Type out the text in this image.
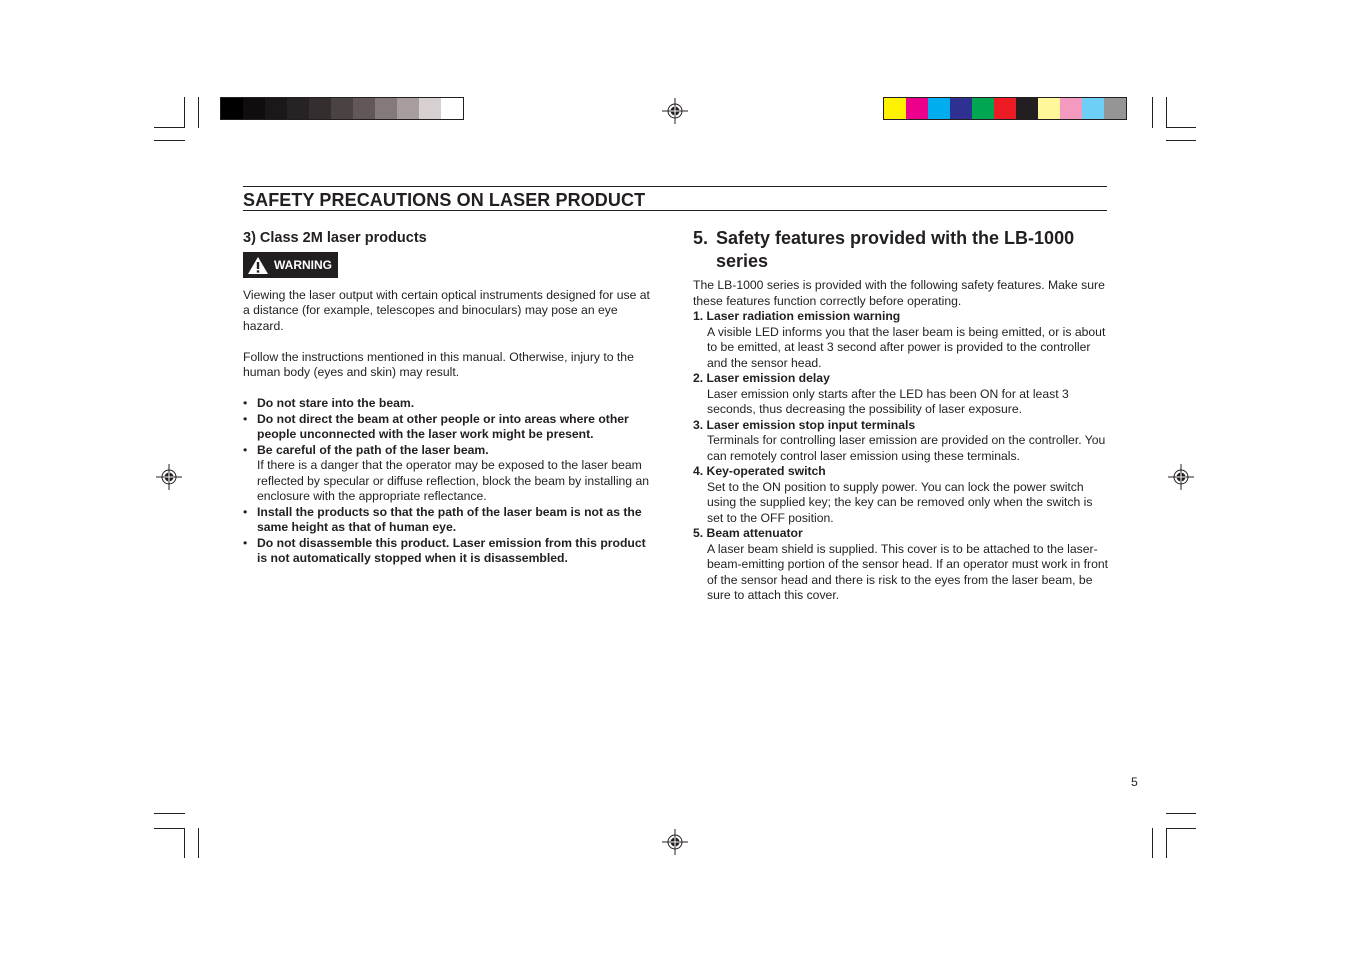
SAFETY PRECAUTIONS ON LASER PRODUCT

3) Class 2M laser products

WARNING

Viewing the laser output with certain optical instruments designed for use at a distance (for example, telescopes and binoculars) may pose an eye hazard.

Follow the instructions mentioned in this manual. Otherwise, injury to the human body (eyes and skin) may result.

• Do not stare into the beam.
• Do not direct the beam at other people or into areas where other people unconnected with the laser work might be present.
• Be careful of the path of the laser beam.
If there is a danger that the operator may be exposed to the laser beam reflected by specular or diffuse reflection, block the beam by installing an enclosure with the appropriate reflectance.
• Install the products so that the path of the laser beam is not as the same height as that of human eye.
• Do not disassemble this product. Laser emission from this product is not automatically stopped when it is disassembled.
5. Safety features provided with the LB-1000 series

The LB-1000 series is provided with the following safety features. Make sure these features function correctly before operating.

1. Laser radiation emission warning
A visible LED informs you that the laser beam is being emitted, or is about to be emitted, at least 3 second after power is provided to the controller and the sensor head.
2. Laser emission delay
Laser emission only starts after the LED has been ON for at least 3 seconds, thus decreasing the possibility of laser exposure.
3. Laser emission stop input terminals
Terminals for controlling laser emission are provided on the controller. You can remotely control laser emission using these terminals.
4. Key-operated switch
Set to the ON position to supply power. You can lock the power switch using the supplied key; the key can be removed only when the switch is set to the OFF position.
5. Beam attenuator
A laser beam shield is supplied. This cover is to be attached to the laser-beam-emitting portion of the sensor head. If an operator must work in front of the sensor head and there is risk to the eyes from the laser beam, be sure to attach this cover.
5
